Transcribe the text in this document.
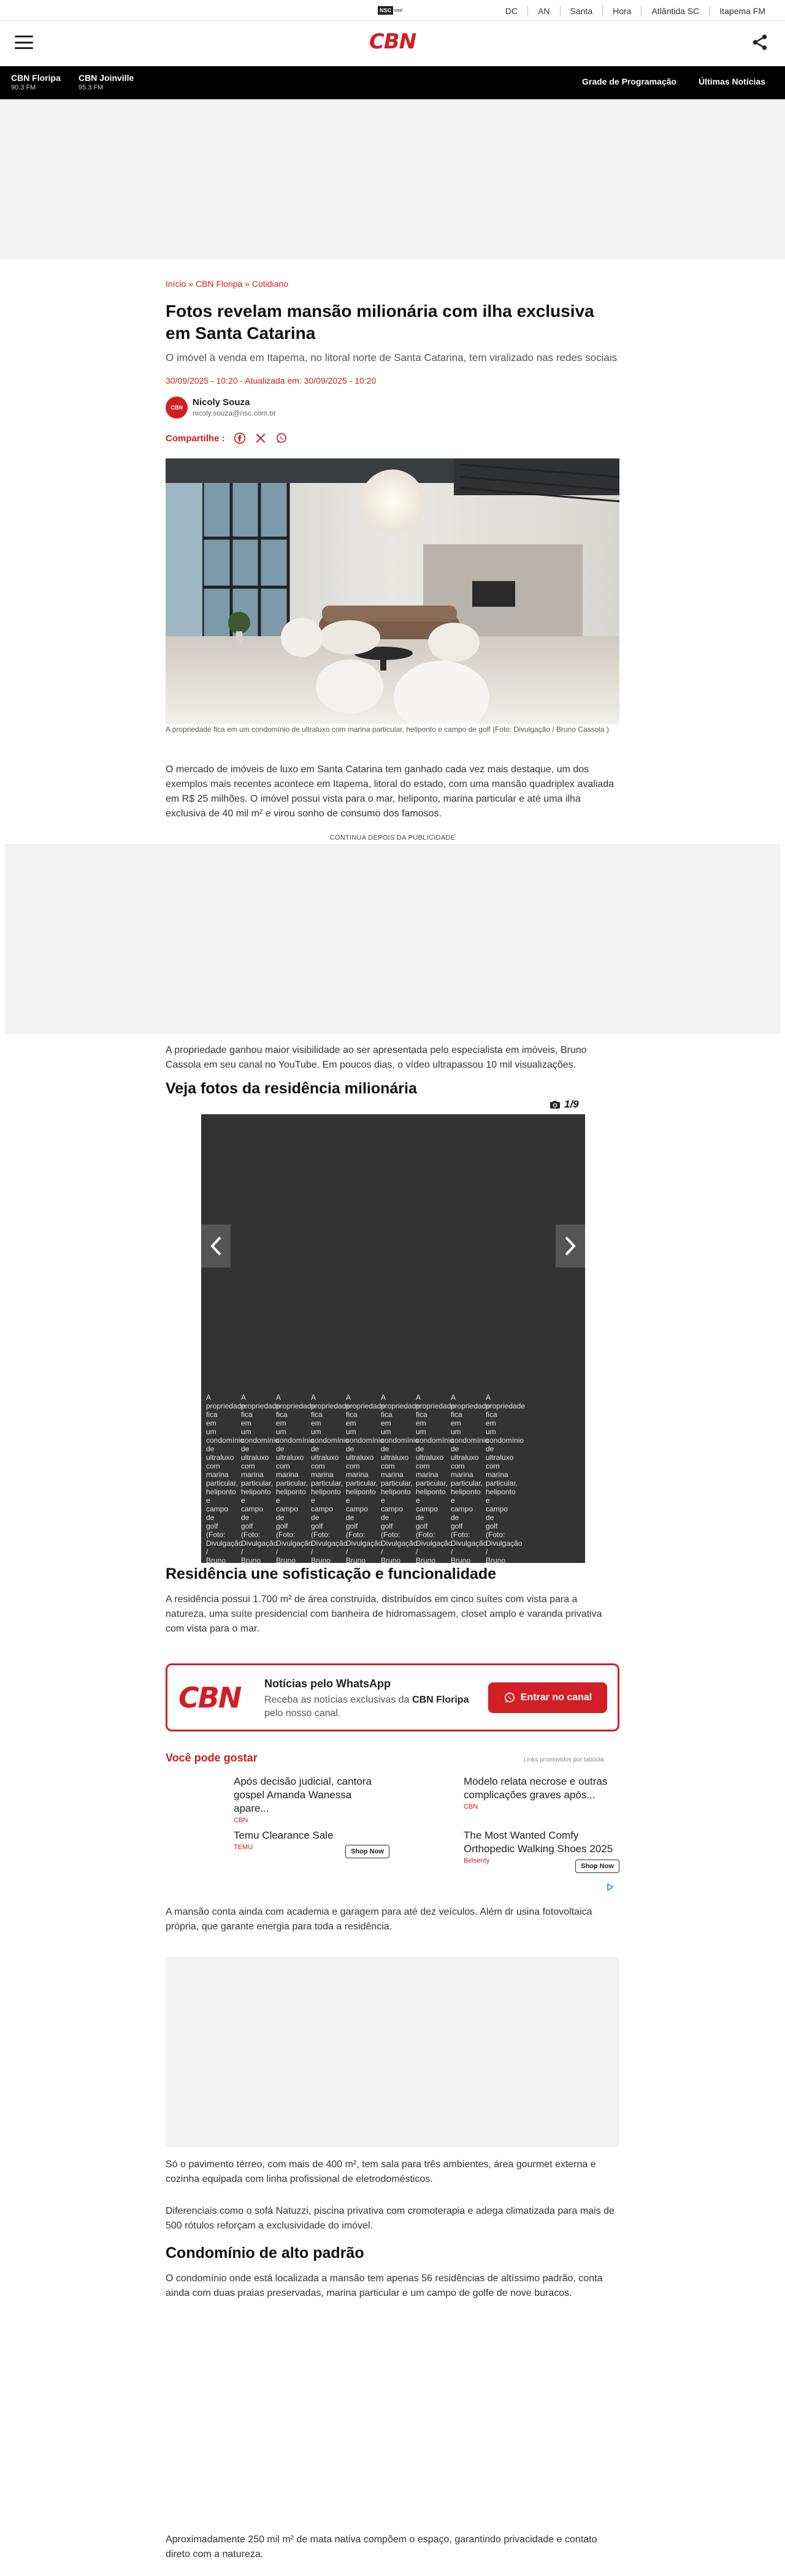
NSC total	DC	AN	Santa	Hora	Atlântida SC	Itapema FM
CBN
CBN Floripa
90.3 FM
CBN Joinville
95.3 FM
Grade de Programação	Últimas Notícias
Início » CBN Floripa » Cotidiano
Fotos revelam mansão milionária com ilha exclusiva em Santa Catarina
O imóvel à venda em Itapema, no litoral norte de Santa Catarina, tem viralizado nas redes sociais
30/09/2025 - 10:20 - Atualizada em: 30/09/2025 - 10:20
CBN	Nicoly Souza
nicoly.souza@nsc.com.br
Compartilhe :
A propriedade fica em um condomínio de ultraluxo com marina particular, heliponto e campo de golf (Foto: Divulgação / Bruno Cassola )
O mercado de imóveis de luxo em Santa Catarina tem ganhado cada vez mais destaque, um dos exemplos mais recentes acontece em Itapema, litoral do estado, com uma mansão quadriplex avaliada em R$ 25 milhões. O imóvel possui vista para o mar, heliponto, marina particular e até uma ilha exclusiva de 40 mil m² e virou sonho de consumo dos famosos.
CONTINUA DEPOIS DA PUBLICIDADE
A propriedade ganhou maior visibilidade ao ser apresentada pelo especialista em imóveis, Bruno Cassola em seu canal no YouTube. Em poucos dias, o vídeo ultrapassou 10 mil visualizações.
Veja fotos da residência milionária
1/9
A
propriedade
fica
em
um
condomínio
de
ultraluxo
com
marina
particular,
heliponto
e
campo
de
golf
(Foto:
Divulgação
/
Bruno
A
propriedade
fica
em
um
condomínio
de
ultraluxo
com
marina
particular,
heliponto
e
campo
de
golf
(Foto:
Divulgação
/
Bruno
A
propriedade
fica
em
um
condomínio
de
ultraluxo
com
marina
particular,
heliponto
e
campo
de
golf
(Foto:
Divulgação
/
Bruno
A
propriedade
fica
em
um
condomínio
de
ultraluxo
com
marina
particular,
heliponto
e
campo
de
golf
(Foto:
Divulgação
/
Bruno
A
propriedade
fica
em
um
condomínio
de
ultraluxo
com
marina
particular,
heliponto
e
campo
de
golf
(Foto:
Divulgação
/
Bruno
A
propriedade
fica
em
um
condomínio
de
ultraluxo
com
marina
particular,
heliponto
e
campo
de
golf
(Foto:
Divulgação
/
Bruno
A
propriedade
fica
em
um
condomínio
de
ultraluxo
com
marina
particular,
heliponto
e
campo
de
golf
(Foto:
Divulgação
/
Bruno
A
propriedade
fica
em
um
condomínio
de
ultraluxo
com
marina
particular,
heliponto
e
campo
de
golf
(Foto:
Divulgação
/
Bruno
A
propriedade
fica
em
um
condomínio
de
ultraluxo
com
marina
particular,
heliponto
e
campo
de
golf
(Foto:
Divulgação
/
Bruno
Residência une sofisticação e funcionalidade
A residência possui 1.700 m² de área construída, distribuídos em cinco suítes com vista para a natureza, uma suíte presidencial com banheira de hidromassagem, closet amplo e varanda privativa com vista para o mar.
CBN Notícias pelo WhatsApp
Receba as notícias exclusivas da CBN Floripa pelo nosso canal.
Entrar no canal
Você pode gostar	Links promovidos por taboola
Após decisão judicial, cantora gospel Amanda Wanessa apare...
CBN
Modelo relata necrose e outras complicações graves após...
CBN
Temu Clearance Sale
TEMU
Shop Now
The Most Wanted Comfy Orthopedic Walking Shoes 2025
Beisenty
Shop Now
A mansão conta ainda com academia e garagem para até dez veículos. Além dr usina fotovoltaica própria, que garante energia para toda a residência.
Só o pavimento térreo, com mais de 400 m², tem sala para três ambientes, área gourmet externa e cozinha equipada com linha profissional de eletrodomésticos.
Diferenciais como o sofá Natuzzi, piscina privativa com cromoterapia e adega climatizada para mais de 500 rótulos reforçam a exclusividade do imóvel.
Condomínio de alto padrão
O condomínio onde está localizada a mansão tem apenas 56 residências de altíssimo padrão, conta ainda com duas praias preservadas, marina particular e um campo de golfe de nove buracos.
Aproximadamente 250 mil m² de mata nativa compõem o espaço, garantindo privacidade e contato direto com a natureza.
